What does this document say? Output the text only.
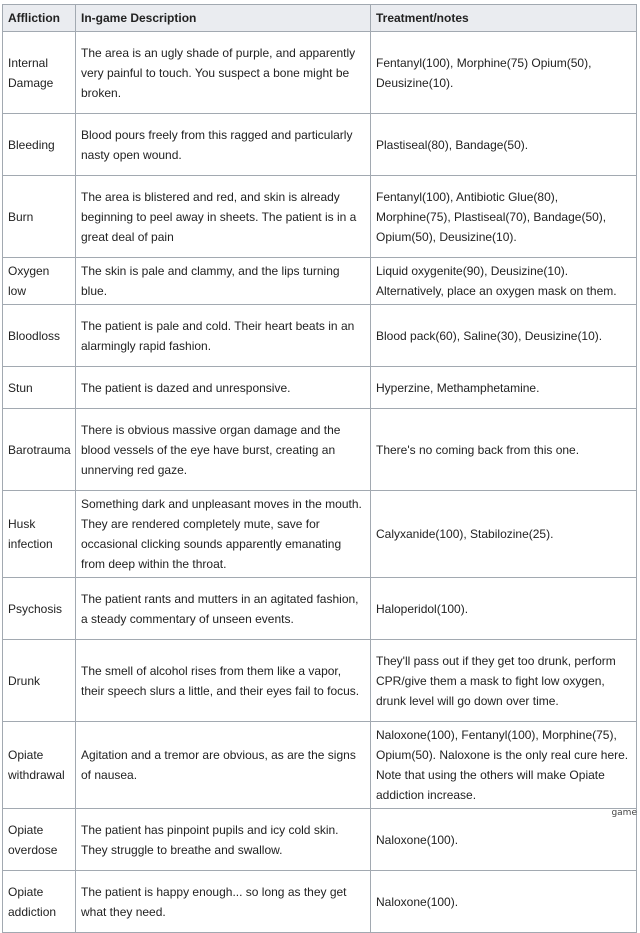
Affliction	In-game Description	Treatment/notes
Internal Damage	The area is an ugly shade of purple, and apparently very painful to touch. You suspect a bone might be broken.	Fentanyl(100), Morphine(75) Opium(50), Deusizine(10).
Bleeding	Blood pours freely from this ragged and particularly nasty open wound.	Plastiseal(80), Bandage(50).
Burn	The area is blistered and red, and skin is already beginning to peel away in sheets. The patient is in a great deal of pain	Fentanyl(100), Antibiotic Glue(80), Morphine(75), Plastiseal(70), Bandage(50), Opium(50), Deusizine(10).
Oxygen low	The skin is pale and clammy, and the lips turning blue.	Liquid oxygenite(90), Deusizine(10). Alternatively, place an oxygen mask on them.
Bloodloss	The patient is pale and cold. Their heart beats in an alarmingly rapid fashion.	Blood pack(60), Saline(30), Deusizine(10).
Stun	The patient is dazed and unresponsive.	Hyperzine, Methamphetamine.
Barotrauma	There is obvious massive organ damage and the blood vessels of the eye have burst, creating an unnerving red gaze.	There's no coming back from this one.
Husk infection	Something dark and unpleasant moves in the mouth. They are rendered completely mute, save for occasional clicking sounds apparently emanating from deep within the throat.	Calyxanide(100), Stabilozine(25).
Psychosis	The patient rants and mutters in an agitated fashion, a steady commentary of unseen events.	Haloperidol(100).
Drunk	The smell of alcohol rises from them like a vapor, their speech slurs a little, and their eyes fail to focus.	They'll pass out if they get too drunk, perform CPR/give them a mask to fight low oxygen, drunk level will go down over time.
Opiate withdrawal	Agitation and a tremor are obvious, as are the signs of nausea.	Naloxone(100), Fentanyl(100), Morphine(75), Opium(50). Naloxone is the only real cure here. Note that using the others will make Opiate addiction increase.
Opiate overdose	The patient has pinpoint pupils and icy cold skin. They struggle to breathe and swallow.	Naloxone(100).
Opiate addiction	The patient is happy enough... so long as they get what they need.	Naloxone(100).
game
